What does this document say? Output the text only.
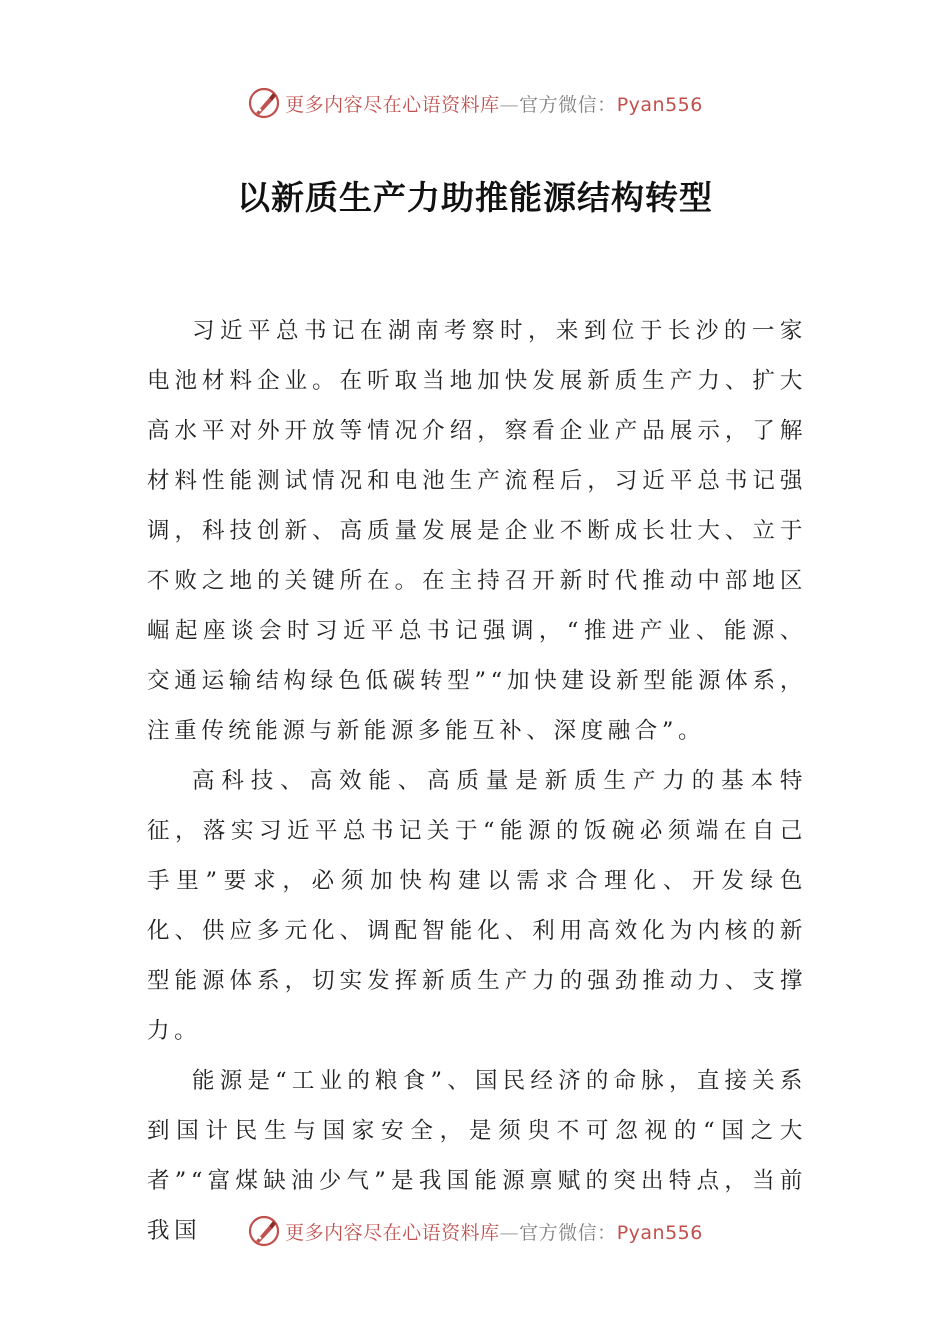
更多内容尽在心语资料库—官方微信：Pyan556
以新质生产力助推能源结构转型

习近平总书记在湖南考察时，来到位于长沙的一家电池材料企业。在听取当地加快发展新质生产力、扩大高水平对外开放等情况介绍，察看企业产品展示，了解材料性能测试情况和电池生产流程后，习近平总书记强调，科技创新、高质量发展是企业不断成长壮大、立于不败之地的关键所在。在主持召开新时代推动中部地区崛起座谈会时习近平总书记强调，“推进产业、能源、交通运输结构绿色低碳转型”“加快建设新型能源体系，注重传统能源与新能源多能互补、深度融合”。

高科技、高效能、高质量是新质生产力的基本特征，落实习近平总书记关于“能源的饭碗必须端在自己手里”要求，必须加快构建以需求合理化、开发绿色化、供应多元化、调配智能化、利用高效化为内核的新型能源体系，切实发挥新质生产力的强劲推动力、支撑力。

能源是“工业的粮食”、国民经济的命脉，直接关系到国计民生与国家安全，是须臾不可忽视的“国之大者”“富煤缺油少气”是我国能源禀赋的突出特点，当前我国	更多内容尽在心语资料库—官方微信：Pyan556
